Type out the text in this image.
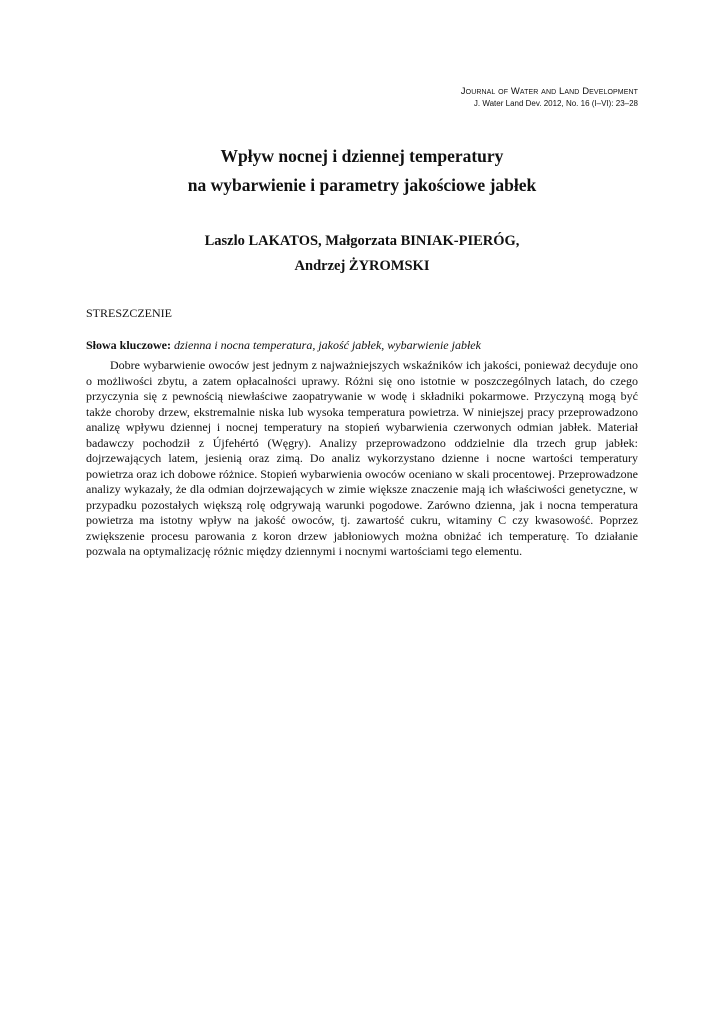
Journal of Water and Land Development
J. Water Land Dev. 2012, No. 16 (I–VI): 23–28
Wpływ nocnej i dziennej temperatury
na wybarwienie i parametry jakościowe jabłek
Laszlo LAKATOS, Małgorzata BINIAK-PIERÓG,
Andrzej ŻYROMSKI
STRESZCZENIE
Słowa kluczowe: dzienna i nocna temperatura, jakość jabłek, wybarwienie jabłek

Dobre wybarwienie owoców jest jednym z najważniejszych wskaźników ich jakości, ponieważ decyduje ono o możliwości zbytu, a zatem opłacalności uprawy. Różni się ono istotnie w poszczególnych latach, do czego przyczynia się z pewnością niewłaściwe zaopatrywanie w wodę i składniki pokarmowe. Przyczyną mogą być także choroby drzew, ekstremalnie niska lub wysoka temperatura powietrza. W niniejszej pracy przeprowadzono analizę wpływu dziennej i nocnej temperatury na stopień wybarwienia czerwonych odmian jabłek. Materiał badawczy pochodził z Újfehértó (Węgry). Analizy przeprowadzono oddzielnie dla trzech grup jabłek: dojrzewających latem, jesienią oraz zimą. Do analiz wykorzystano dzienne i nocne wartości temperatury powietrza oraz ich dobowe różnice. Stopień wybarwienia owoców oceniano w skali procentowej. Przeprowadzone analizy wykazały, że dla odmian dojrzewających w zimie większe znaczenie mają ich właściwości genetyczne, w przypadku pozostałych większą rolę odgrywają warunki pogodowe. Zarówno dzienna, jak i nocna temperatura powietrza ma istotny wpływ na jakość owoców, tj. zawartość cukru, witaminy C czy kwasowość. Poprzez zwiększenie procesu parowania z koron drzew jabłoniowych można obniżać ich temperaturę. To działanie pozwala na optymalizację różnic między dziennymi i nocnymi wartościami tego elementu.
